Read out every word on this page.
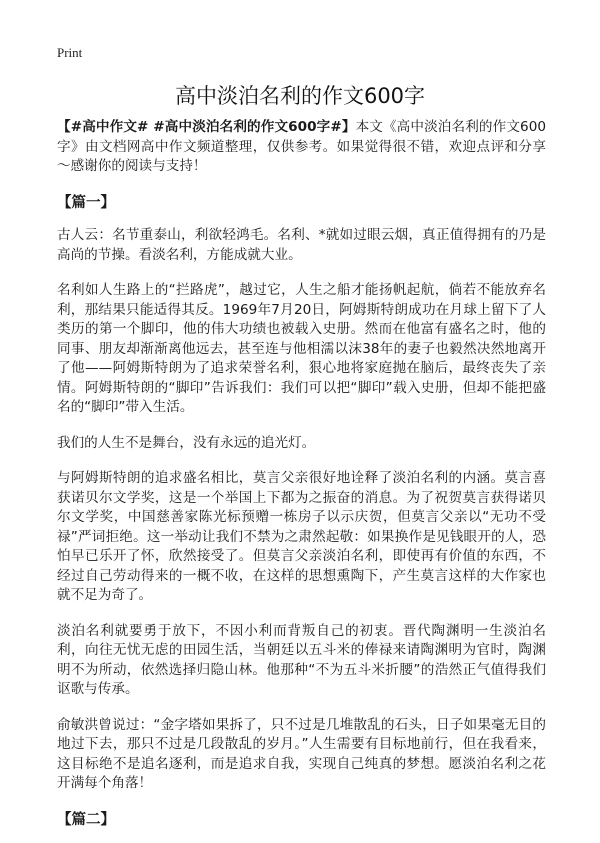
Print
高中淡泊名利的作文600字

【#高中作文# #高中淡泊名利的作文600字#】本文《高中淡泊名利的作文600字》由文档网高中作文频道整理，仅供参考。如果觉得很不错，欢迎点评和分享～感谢你的阅读与支持！

【篇一】

古人云：名节重泰山，利欲轻鸿毛。名利、*就如过眼云烟，真正值得拥有的乃是高尚的节操。看淡名利，方能成就大业。

名利如人生路上的“拦路虎”，越过它，人生之船才能扬帆起航，倘若不能放弃名利，那结果只能适得其反。1969年7月20日，阿姆斯特朗成功在月球上留下了人类历的第一个脚印，他的伟大功绩也被载入史册。然而在他富有盛名之时，他的同事、朋友却渐渐离他远去，甚至连与他相濡以沫38年的妻子也毅然决然地离开了他——阿姆斯特朗为了追求荣誉名利，狠心地将家庭抛在脑后，最终丧失了亲情。阿姆斯特朗的“脚印”告诉我们：我们可以把“脚印”载入史册，但却不能把盛名的“脚印”带入生活。

我们的人生不是舞台，没有永远的追光灯。

与阿姆斯特朗的追求盛名相比，莫言父亲很好地诠释了淡泊名利的内涵。莫言喜获诺贝尔文学奖，这是一个举国上下都为之振奋的消息。为了祝贺莫言获得诺贝尔文学奖，中国慈善家陈光标预赠一栋房子以示庆贺，但莫言父亲以“无功不受禄”严词拒绝。这一举动让我们不禁为之肃然起敬：如果换作是见钱眼开的人，恐怕早已乐开了怀，欣然接受了。但莫言父亲淡泊名利，即使再有价值的东西，不经过自己劳动得来的一概不收，在这样的思想熏陶下，产生莫言这样的大作家也就不足为奇了。

淡泊名利就要勇于放下，不因小利而背叛自己的初衷。晋代陶渊明一生淡泊名利，向往无忧无虑的田园生活，当朝廷以五斗米的俸禄来请陶渊明为官时，陶渊明不为所动，依然选择归隐山林。他那种“不为五斗米折腰”的浩然正气值得我们讴歌与传承。

俞敏洪曾说过：“金字塔如果拆了，只不过是几堆散乱的石头，日子如果毫无目的地过下去，那只不过是几段散乱的岁月。”人生需要有目标地前行，但在我看来，这目标绝不是追名逐利，而是追求自我，实现自己纯真的梦想。愿淡泊名利之花开满每个角落！

【篇二】
